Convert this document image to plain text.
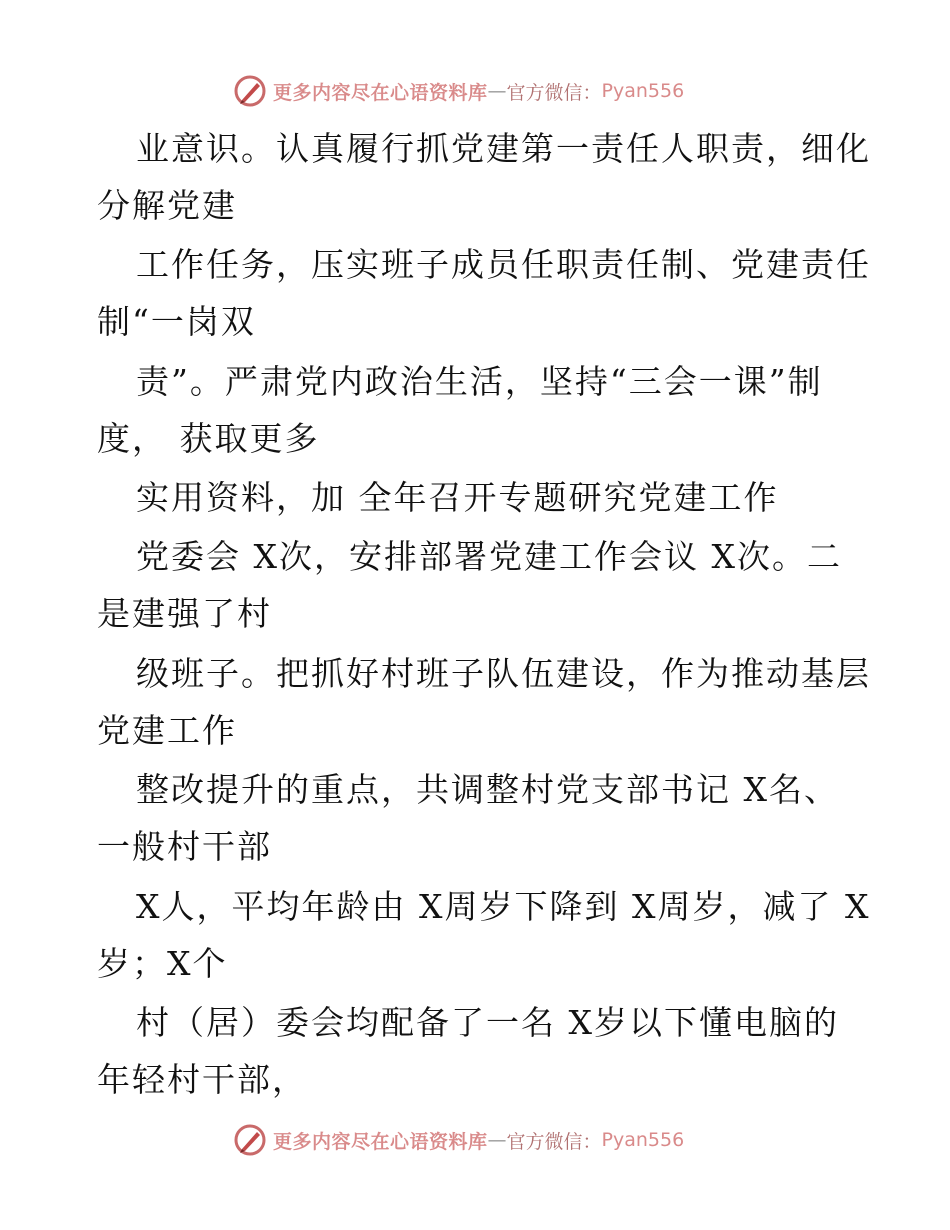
更多内容尽在心语资料库 — 官方微信： Pyan556
业意识。认真履行抓党建第一责任人职责，细化
分解党建
工作任务，压实班子成员任职责任制、党建责任
制“一岗双
责”。严肃党内政治生活，坚持“三会一课”制
度， 获取更多
实用资料，加 全年召开专题研究党建工作
党委会 X次，安排部署党建工作会议 X次。二
是建强了村
级班子。把抓好村班子队伍建设，作为推动基层
党建工作
整改提升的重点，共调整村党支部书记 X名、
一般村干部
X人，平均年龄由 X周岁下降到 X周岁，减了 X
岁；X个
村（居）委会均配备了一名 X岁以下懂电脑的
年轻村干部，
更多内容尽在心语资料库 — 官方微信： Pyan556
